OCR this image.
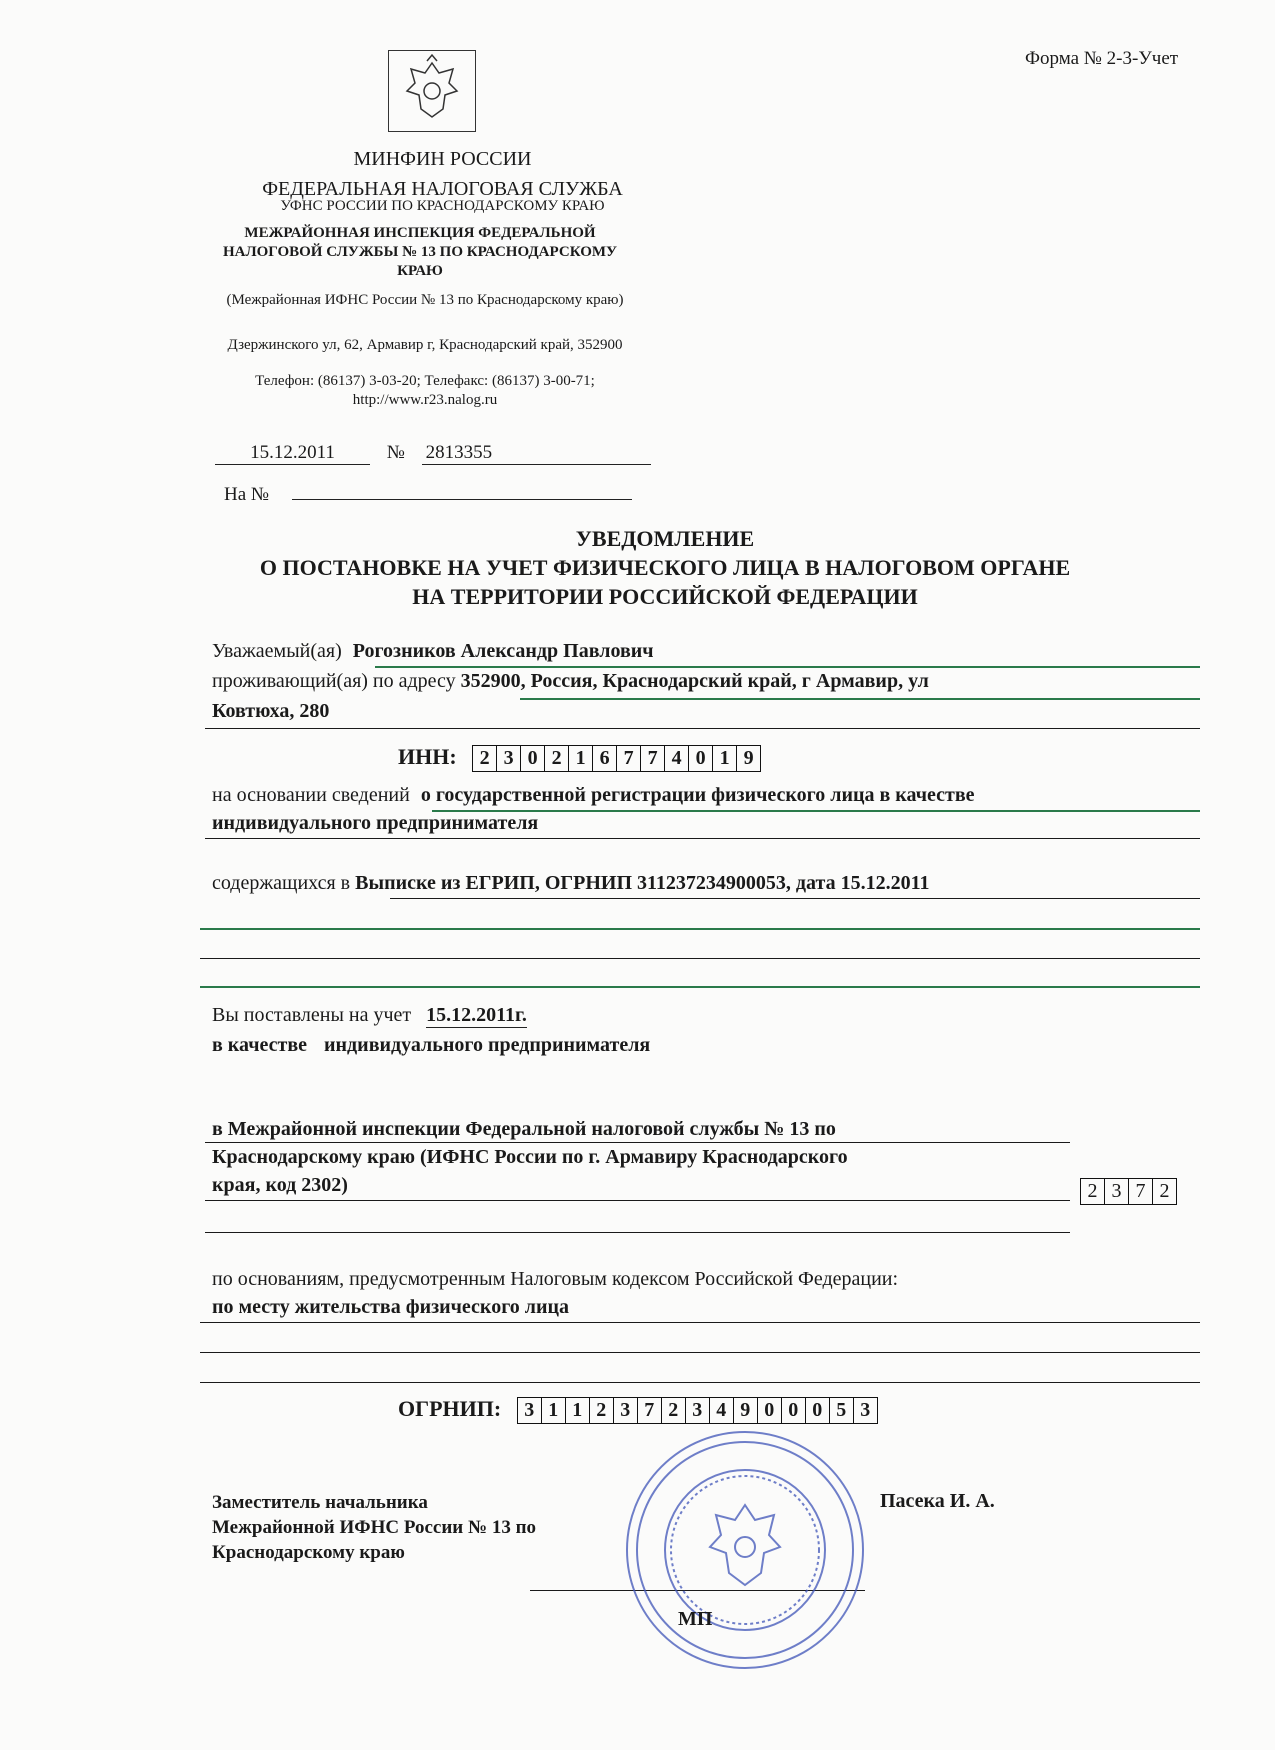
Форма № 2-3-Учет
МИНФИН РОССИИ
ФЕДЕРАЛЬНАЯ НАЛОГОВАЯ СЛУЖБА
УФНС РОССИИ ПО КРАСНОДАРСКОМУ КРАЮ
МЕЖРАЙОННАЯ ИНСПЕКЦИЯ ФЕДЕРАЛЬНОЙ НАЛОГОВОЙ СЛУЖБЫ № 13 ПО КРАСНОДАРСКОМУ КРАЮ
(Межрайонная ИФНС России № 13 по Краснодарскому краю)
Дзержинского ул, 62, Армавир г, Краснодарский край, 352900
Телефон: (86137) 3-03-20; Телефакс: (86137) 3-00-71; http://www.r23.nalog.ru
15.12.2011	№ 2813355
На №
УВЕДОМЛЕНИЕ
О ПОСТАНОВКЕ НА УЧЕТ ФИЗИЧЕСКОГО ЛИЦА В НАЛОГОВОМ ОРГАНЕ
НА ТЕРРИТОРИИ РОССИЙСКОЙ ФЕДЕРАЦИИ
Уважаемый(ая) Рогозников Александр Павлович
проживающий(ая) по адресу 352900, Россия, Краснодарский край, г Армавир, ул
Ковтюха, 280
ИНН:	2 3 0 2 1 6 7 7 4 0 1 9
на основании сведений о государственной регистрации физического лица в качестве
индивидуального предпринимателя
содержащихся в Выписке из ЕГРИП, ОГРНИП 311237234900053, дата 15.12.2011
Вы поставлены на учет 15.12.2011г.
в качестве индивидуального предпринимателя
в Межрайонной инспекции Федеральной налоговой службы № 13 по
Краснодарскому краю (ИФНС России по г. Армавиру Краснодарского
края, код 2302)	2 3 7 2
по основаниям, предусмотренным Налоговым кодексом Российской Федерации:
по месту жительства физического лица
ОГРНИП:	3 1 1 2 3 7 2 3 4 9 0 0 0 5 3
Заместитель начальника Межрайонной ИФНС России № 13 по Краснодарскому краю
Пасека И. А.
МП
